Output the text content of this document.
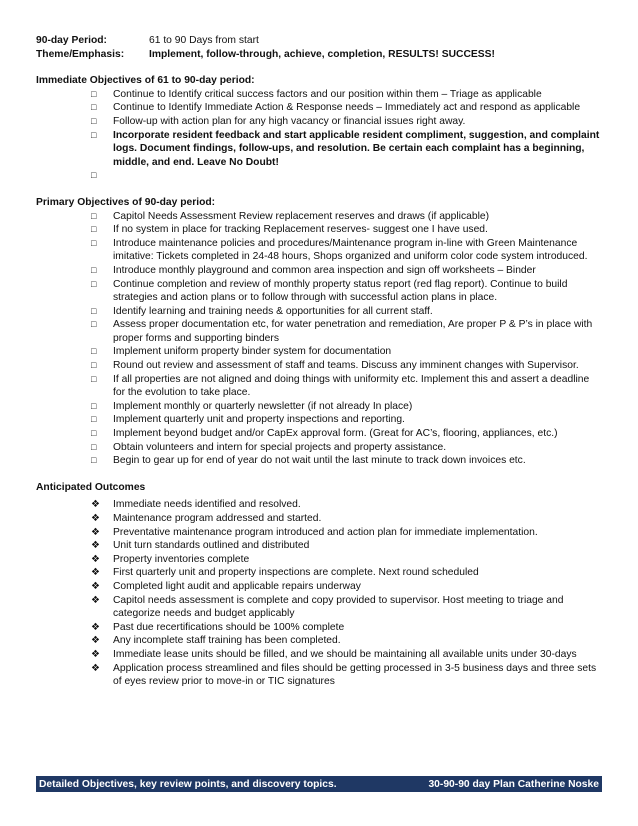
90-day Period:	61 to 90 Days from start
Theme/Emphasis:	Implement, follow-through, achieve, completion, RESULTS! SUCCESS!
Immediate Objectives of 61 to 90-day period:
□	Continue to Identify critical success factors and our position within them – Triage as applicable
□	Continue to Identify Immediate Action & Response needs – Immediately act and respond as applicable
□	Follow-up with action plan for any high vacancy or financial issues right away.
□	Incorporate resident feedback and start applicable resident compliment, suggestion, and complaint logs. Document findings, follow-ups, and resolution. Be certain each complaint has a beginning, middle, and end. Leave No Doubt!
□
Primary Objectives of 90-day period:
□	Capitol Needs Assessment Review replacement reserves and draws (if applicable)
□	If no system in place for tracking Replacement reserves- suggest one I have used.
□	Introduce maintenance policies and procedures/Maintenance program in-line with Green Maintenance imitative: Tickets completed in 24-48 hours, Shops organized and uniform color code system introduced.
□	Introduce monthly playground and common area inspection and sign off worksheets – Binder
□	Continue completion and review of monthly property status report (red flag report). Continue to build strategies and action plans or to follow through with successful action plans in place.
□	Identify learning and training needs & opportunities for all current staff.
□	Assess proper documentation etc, for water penetration and remediation, Are proper P & P’s in place with proper forms and supporting binders
□	Implement uniform property binder system for documentation
□	Round out review and assessment of staff and teams. Discuss any imminent changes with Supervisor.
□	If all properties are not aligned and doing things with uniformity etc. Implement this and assert a deadline for the evolution to take place.
□	Implement monthly or quarterly newsletter (if not already In place)
□	Implement quarterly unit and property inspections and reporting.
□	Implement beyond budget and/or CapEx approval form. (Great for AC’s, flooring, appliances, etc.)
□	Obtain volunteers and intern for special projects and property assistance.
□	Begin to gear up for end of year do not wait until the last minute to track down invoices etc.
Anticipated Outcomes
❖	Immediate needs identified and resolved.
❖	Maintenance program addressed and started.
❖	Preventative maintenance program introduced and action plan for immediate implementation.
❖	Unit turn standards outlined and distributed
❖	Property inventories complete
❖	First quarterly unit and property inspections are complete. Next round scheduled
❖	Completed light audit and applicable repairs underway
❖	Capitol needs assessment is complete and copy provided to supervisor. Host meeting to triage and categorize needs and budget applicably
❖	Past due recertifications should be 100% complete
❖	Any incomplete staff training has been completed.
❖	Immediate lease units should be filled, and we should be maintaining all available units under 30-days
❖	Application process streamlined and files should be getting processed in 3-5 business days and three sets of eyes review prior to move-in or TIC signatures
Detailed Objectives, key review points, and discovery topics.	30-90-90 day Plan Catherine Noske
